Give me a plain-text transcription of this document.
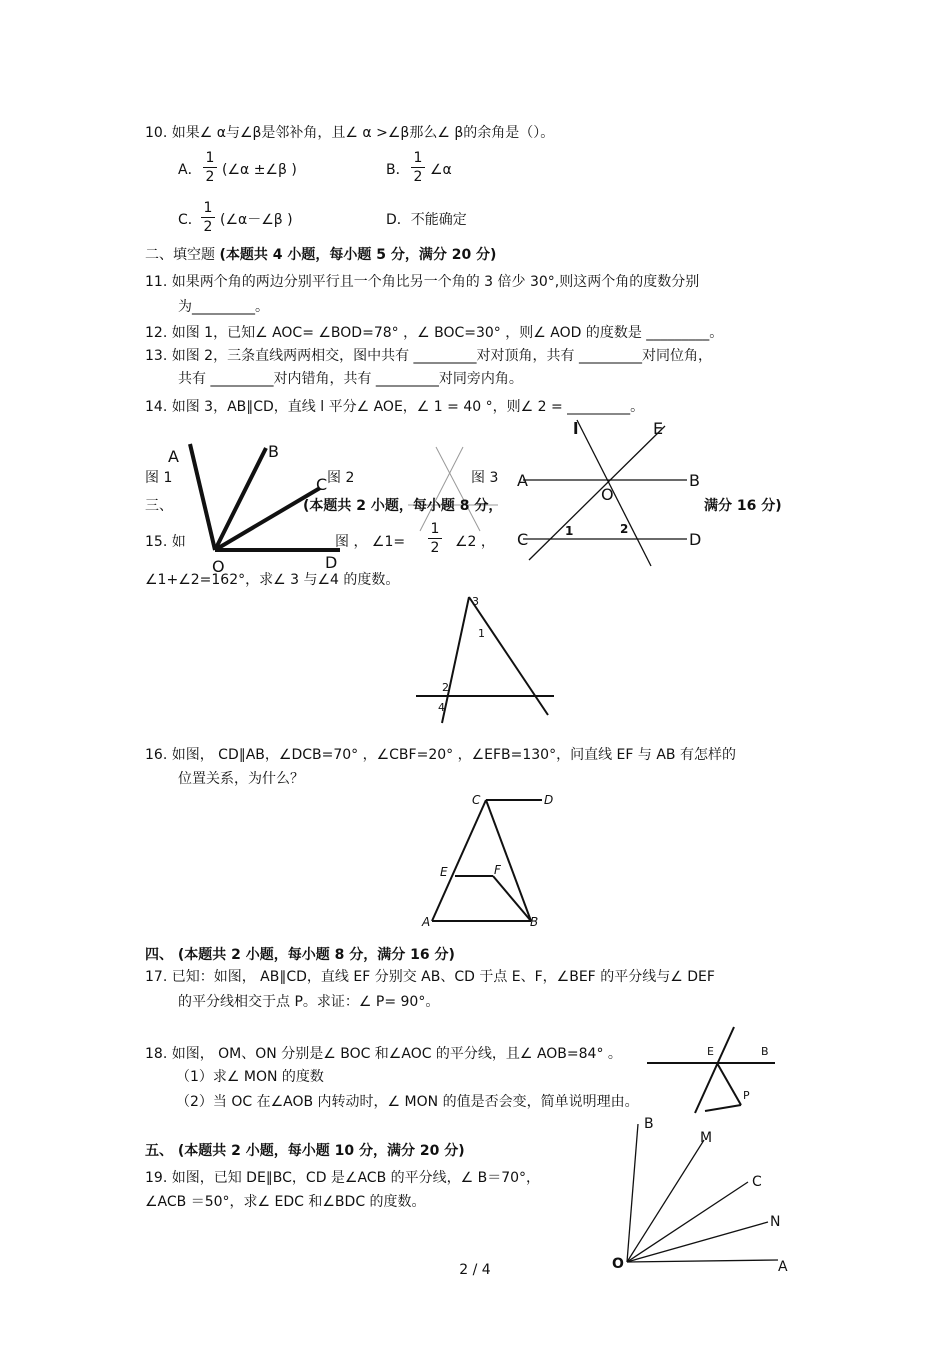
10. 如果∠ α与∠β是邻补角，且∠ α >∠β那么∠ β的余角是（）。
A．
1
2 (∠α ±∠β )	B．
1
2 ∠α
C．
1
2 (∠α－∠β )	D．不能确定
二、填空题 (本题共 4 小题，每小题 5 分，满分 20 分)
11. 如果两个角的两边分别平行且一个角比另一个角的 3 倍少 30°,则这两个角的度数分别
为_________。
12. 如图 1，已知∠ AOC= ∠BOD=78° ，∠ BOC=30° ，则∠ AOD 的度数是 _________。
13. 如图 2，三条直线两两相交，图中共有 _________对对顶角，共有 _________对同位角，
共有 _________对内错角，共有 _________对同旁内角。
14. 如图 3，AB∥CD，直线 l 平分∠ AOE，∠ 1 = 40 °，则∠ 2 = _________。
A	B
C
O	D
图 1	图 2	图 3
l	E
A	B
O
C	D
1	2
三、	(本题共 2 小题，每小题 8 分，	满分 16 分)
15. 如	图 ， ∠1=
1
2 ∠2 ，
∠1+∠2=162°，求∠ 3 与∠4 的度数。
3
1
2
4
16. 如图， CD∥AB，∠DCB=70° ，∠CBF=20° ，∠EFB=130°，问直线 EF 与 AB 有怎样的
位置关系，为什么？
C	D
E	F
A	B
四、 (本题共 2 小题，每小题 8 分，满分 16 分)
17. 已知：如图， AB∥CD，直线 EF 分别交 AB、CD 于点 E、F，∠BEF 的平分线与∠ DEF
的平分线相交于点 P。求证：∠ P= 90°。
18. 如图， OM、ON 分别是∠ BOC 和∠AOC 的平分线，且∠ AOB=84° 。
（1）求∠ MON 的度数
（2）当 OC 在∠AOB 内转动时，∠ MON 的值是否会变，简单说明理由。
E	B
P
五、 (本题共 2 小题，每小题 10 分，满分 20 分)
19. 如图，已知 DE∥BC，CD 是∠ACB 的平分线，∠ B＝70°，
∠ACB ＝50°，求∠ EDC 和∠BDC 的度数。
B
M
C
N
O	A
2 / 4
